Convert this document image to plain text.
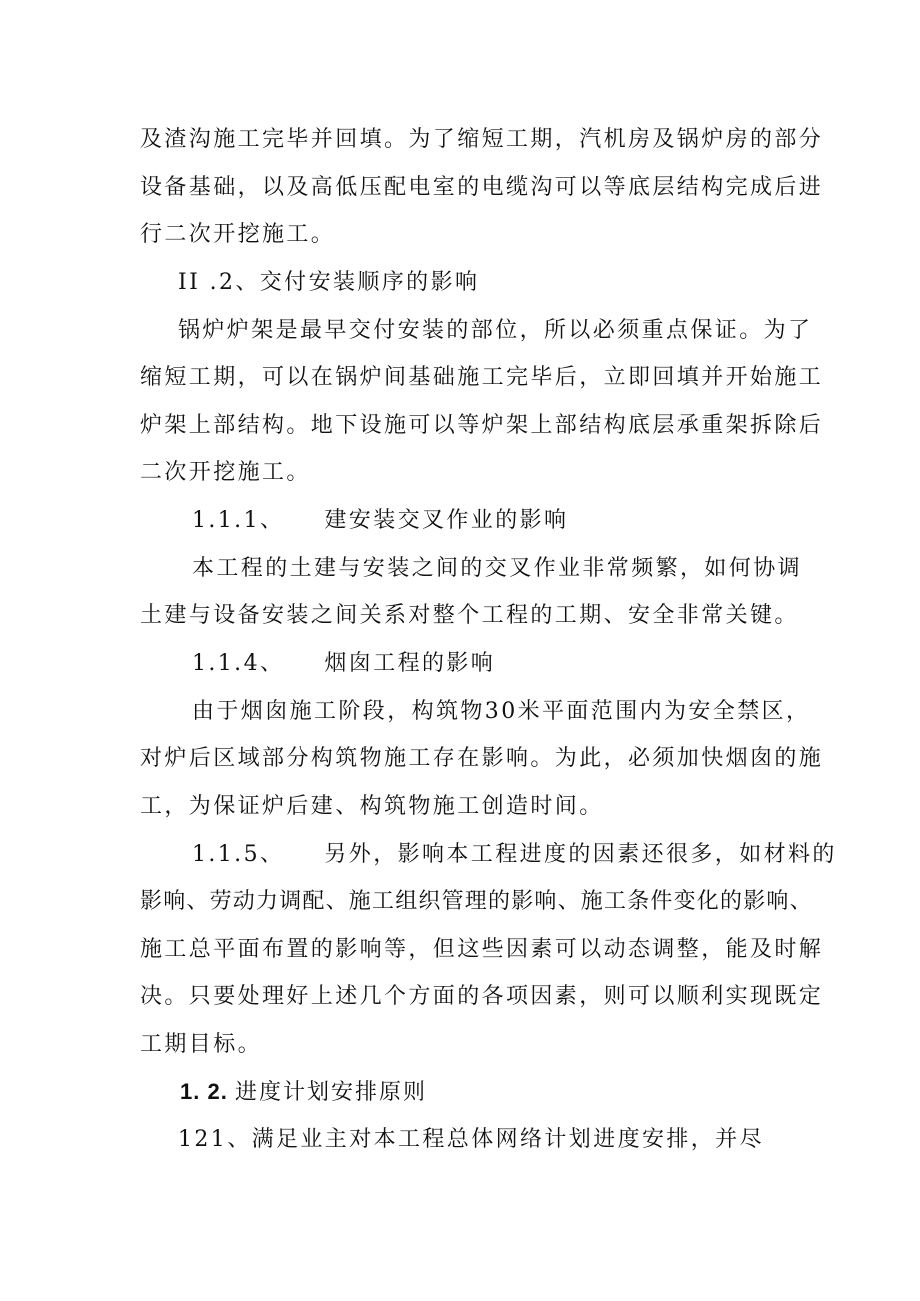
及渣沟施工完毕并回填。为了缩短工期，汽机房及锅炉房的部分
设备基础，以及高低压配电室的电缆沟可以等底层结构完成后进
行二次开挖施工。
II .2、交付安装顺序的影响
锅炉炉架是最早交付安装的部位，所以必须重点保证。为了
缩短工期，可以在锅炉间基础施工完毕后，立即回填并开始施工
炉架上部结构。地下设施可以等炉架上部结构底层承重架拆除后
二次开挖施工。
1.1.1、 建安装交叉作业的影响
本工程的土建与安装之间的交叉作业非常频繁，如何协调
土建与设备安装之间关系对整个工程的工期、安全非常关键。
1.1.4、 烟囱工程的影响
由于烟囱施工阶段，构筑物30米平面范围内为安全禁区，
对炉后区域部分构筑物施工存在影响。为此，必须加快烟囱的施
工，为保证炉后建、构筑物施工创造时间。
1.1.5、 另外，影响本工程进度的因素还很多，如材料的
影响、劳动力调配、施工组织管理的影响、施工条件变化的影响、
施工总平面布置的影响等，但这些因素可以动态调整，能及时解
决。只要处理好上述几个方面的各项因素，则可以顺利实现既定
工期目标。
1. 2. 进度计划安排原则
121、满足业主对本工程总体网络计划进度安排，并尽
